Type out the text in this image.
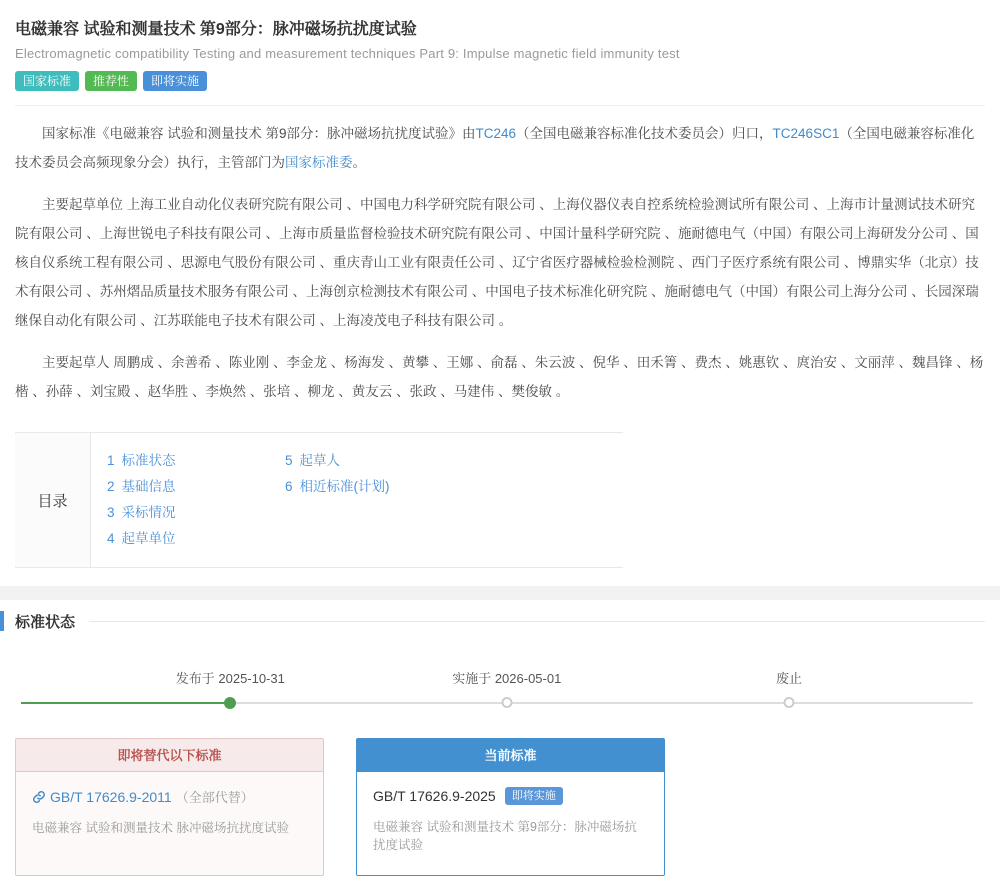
电磁兼容 试验和测量技术 第9部分：脉冲磁场抗扰度试验
Electromagnetic compatibility Testing and measurement techniques Part 9: Impulse magnetic field immunity test
国家标准	推荐性	即将实施

国家标准《电磁兼容 试验和测量技术 第9部分：脉冲磁场抗扰度试验》由TC246（全国电磁兼容标准化技术委员会）归口，TC246SC1（全国电磁兼容标准化技术委员会高频现象分会）执行，主管部门为国家标准委。

主要起草单位 上海工业自动化仪表研究院有限公司 、中国电力科学研究院有限公司 、上海仪器仪表自控系统检验测试所有限公司 、上海市计量测试技术研究院有限公司 、上海世锐电子科技有限公司 、上海市质量监督检验技术研究院有限公司 、中国计量科学研究院 、施耐德电气（中国）有限公司上海研发分公司 、国核自仪系统工程有限公司 、思源电气股份有限公司 、重庆青山工业有限责任公司 、辽宁省医疗器械检验检测院 、西门子医疗系统有限公司 、博鼎实华（北京）技术有限公司 、苏州熠品质量技术服务有限公司 、上海创京检测技术有限公司 、中国电子技术标准化研究院 、施耐德电气（中国）有限公司上海分公司 、长园深瑞继保自动化有限公司 、江苏联能电子技术有限公司 、上海凌茂电子科技有限公司 。

主要起草人 周鹏成 、余善希 、陈业刚 、李金龙 、杨海发 、黄攀 、王娜 、俞磊 、朱云波 、倪华 、田禾箐 、费杰 、姚惠钦 、庹治安 、文丽萍 、魏昌锋 、杨楷 、孙薛 、刘宝殿 、赵华胜 、李焕然 、张培 、柳龙 、黄友云 、张政 、马建伟 、樊俊敏 。

目录
1 标准状态
2 基础信息
3 采标情况
4 起草单位
5 起草人
6 相近标准(计划)
标准状态
发布于 2025-10-31	实施于 2026-05-01	废止
即将替代以下标准
GB/T 17626.9-2011 （全部代替）
电磁兼容 试验和测量技术 脉冲磁场抗扰度试验
当前标准
GB/T 17626.9-2025	即将实施
电磁兼容 试验和测量技术 第9部分：脉冲磁场抗扰度试验
